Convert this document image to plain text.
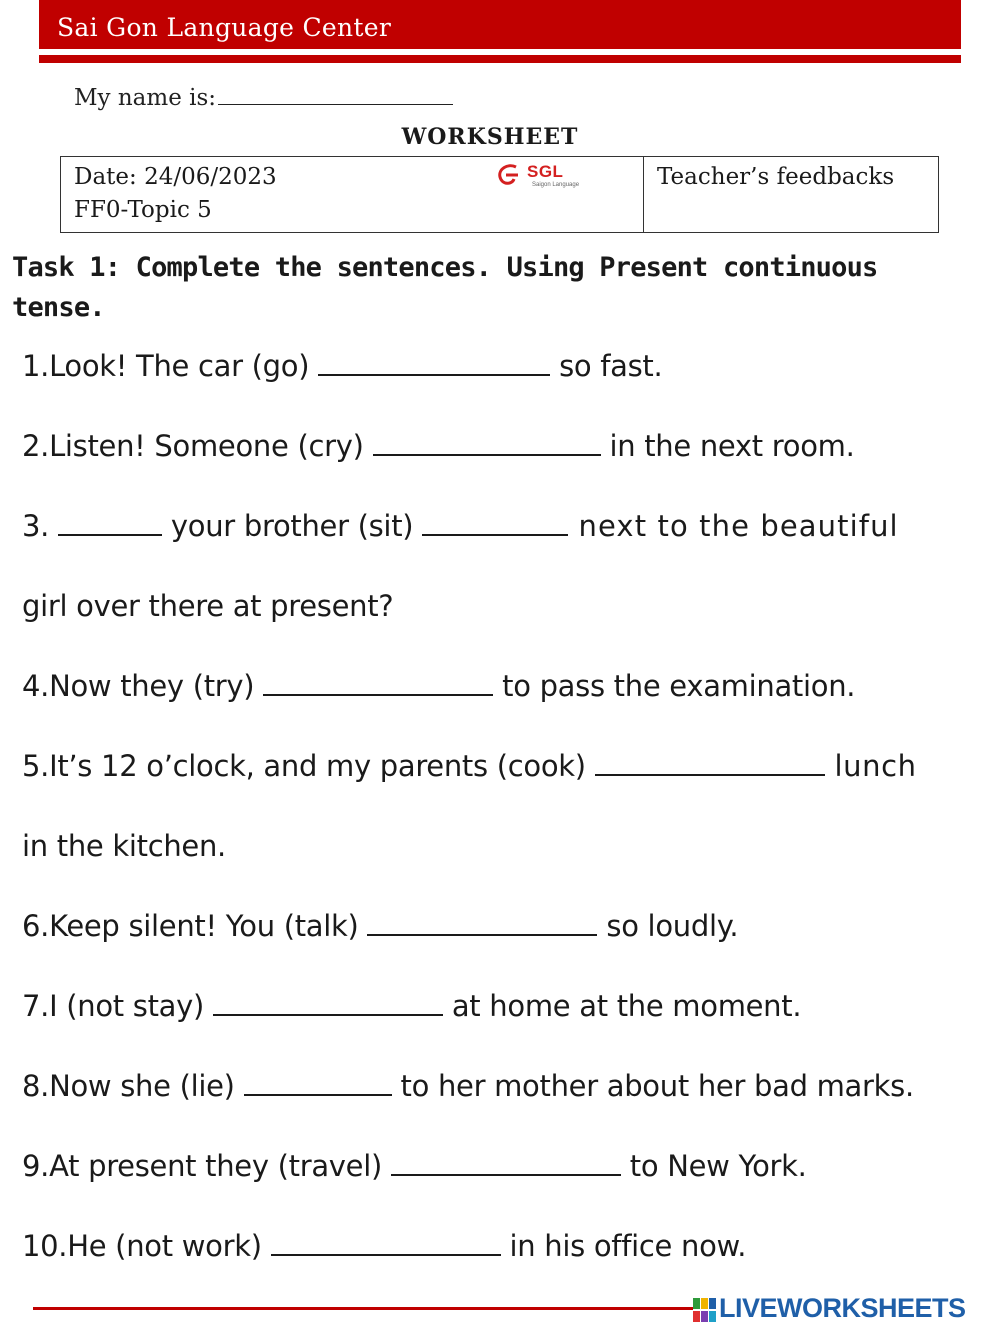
Sai Gon Language Center
My name is:
WORKSHEET
Date: 24/06/2023
FF0-Topic 5
SGL
Saigon Language	Teacher’s feedbacks
Task 1: Complete the sentences. Using Present continuous tense.
1.Look! The car (go)	so fast.
2.Listen! Someone (cry)	in the next room.
3.	your brother (sit)	next to the beautiful
girl over there at present?
4.Now they (try)	to pass the examination.
5.It’s 12 o’clock, and my parents (cook)	lunch
in the kitchen.
6.Keep silent! You (talk)	so loudly.
7.I (not stay)	at home at the moment.
8.Now she (lie)	to her mother about her bad marks.
9.At present they (travel)	to New York.
10.He (not work)	in his office now.
LIVEWORKSHEETS
